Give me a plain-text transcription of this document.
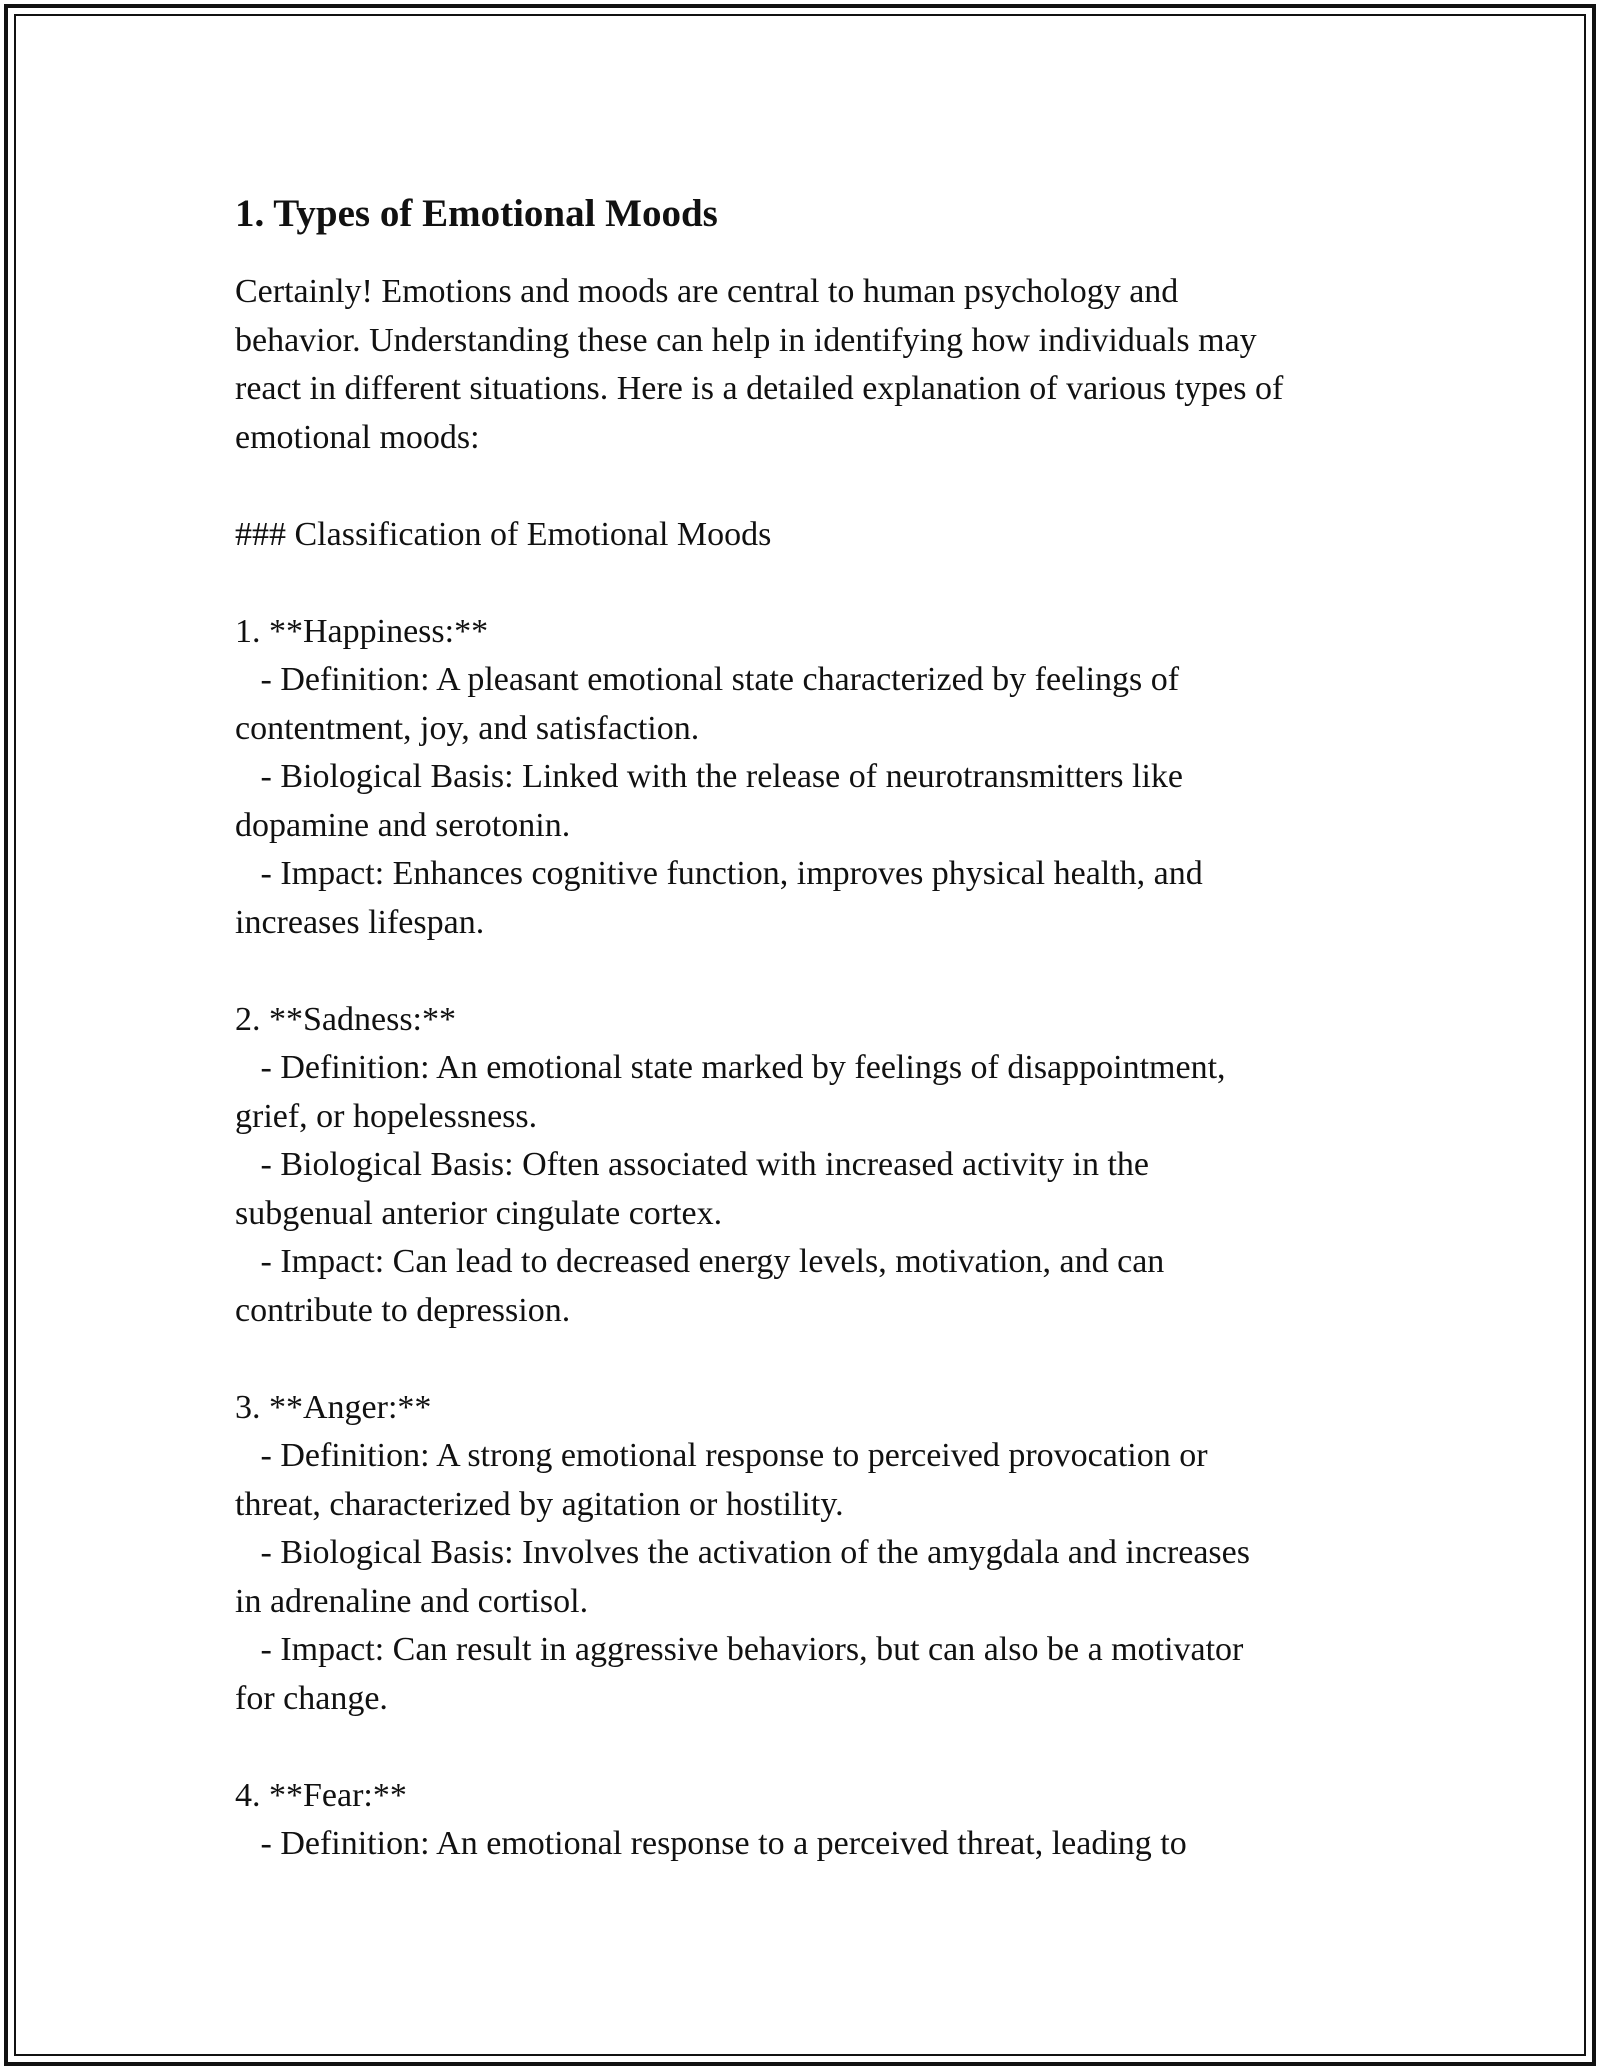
1. Types of Emotional Moods

Certainly! Emotions and moods are central to human psychology and
behavior. Understanding these can help in identifying how individuals may
react in different situations. Here is a detailed explanation of various types of
emotional moods:

### Classification of Emotional Moods

1. **Happiness:**
- Definition: A pleasant emotional state characterized by feelings of
contentment, joy, and satisfaction.
- Biological Basis: Linked with the release of neurotransmitters like
dopamine and serotonin.
- Impact: Enhances cognitive function, improves physical health, and
increases lifespan.

2. **Sadness:**
- Definition: An emotional state marked by feelings of disappointment,
grief, or hopelessness.
- Biological Basis: Often associated with increased activity in the
subgenual anterior cingulate cortex.
- Impact: Can lead to decreased energy levels, motivation, and can
contribute to depression.

3. **Anger:**
- Definition: A strong emotional response to perceived provocation or
threat, characterized by agitation or hostility.
- Biological Basis: Involves the activation of the amygdala and increases
in adrenaline and cortisol.
- Impact: Can result in aggressive behaviors, but can also be a motivator
for change.

4. **Fear:**
- Definition: An emotional response to a perceived threat, leading to
